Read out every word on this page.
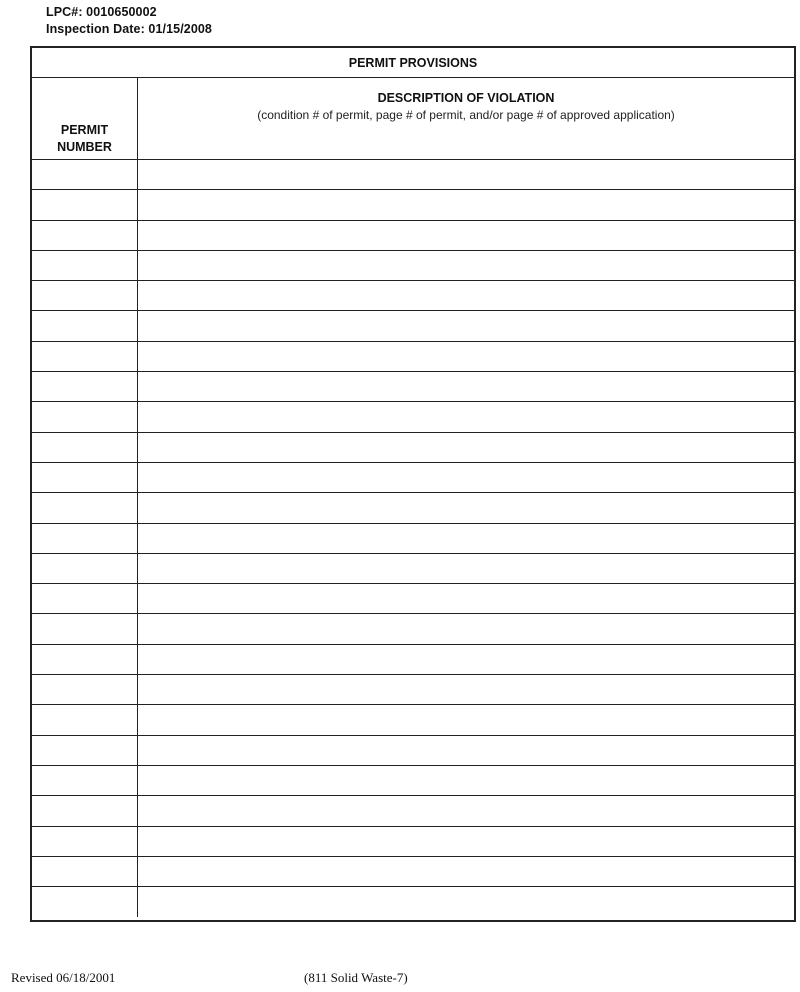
LPC#: 0010650002
Inspection Date: 01/15/2008
PERMIT PROVISIONS
PERMIT
NUMBER
DESCRIPTION OF VIOLATION
(condition # of permit, page # of permit, and/or page # of approved application)
Revised 06/18/2001	(811 Solid Waste-7)
